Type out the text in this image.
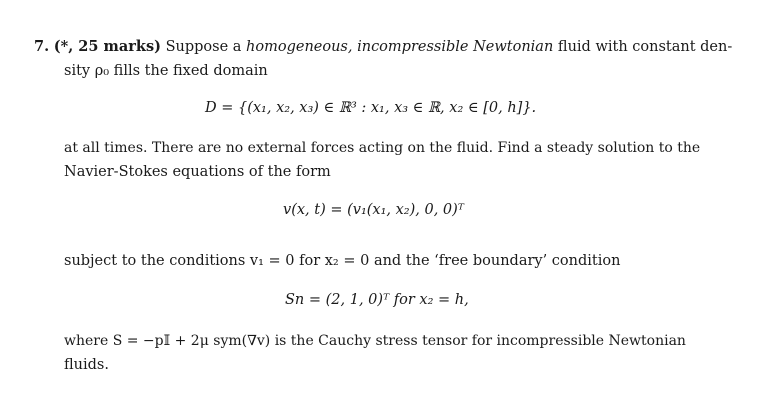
7. (*, 25 marks) Suppose a homogeneous, incompressible Newtonian fluid with constant den-
sity ρ₀ fills the fixed domain
D = {(x₁, x₂, x₃) ∈ ℝ³ : x₁, x₃ ∈ ℝ, x₂ ∈ [0, h]}.
at all times. There are no external forces acting on the fluid. Find a steady solution to the
Navier-Stokes equations of the form
v(x, t) = (v₁(x₁, x₂), 0, 0)ᵀ
subject to the conditions v₁ = 0 for x₂ = 0 and the ‘free boundary’ condition
Sn = (2, 1, 0)ᵀ for x₂ = h,
where S = −p𝕀 + 2μ sym(∇v) is the Cauchy stress tensor for incompressible Newtonian
fluids.
